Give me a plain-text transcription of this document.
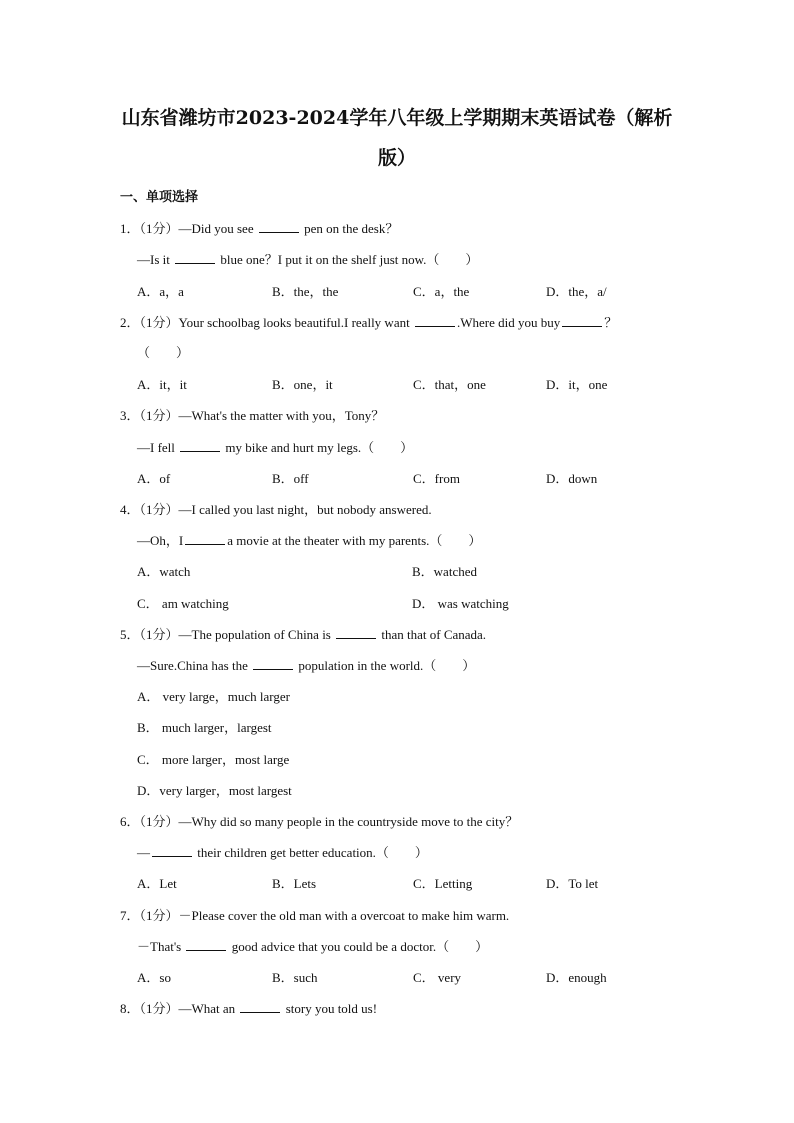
山东省潍坊市2023-2024学年八年级上学期期末英语试卷（解析
版）
一、单项选择
1．（1分）—Did you see	pen on the desk？
—Is it	blue one？I put it on the shelf just now.（　　）
A．a，a	B．the，the	C．a，the	D．the，a/
2．（1分）Your schoolbag looks beautiful.I really want	.Where did you buy	？
（　　）
A．it，it	B．one，it	C．that，one	D．it，one
3．（1分）—What's the matter with you，Tony？
—I fell	my bike and hurt my legs.（　　）
A．of	B．off	C．from	D．down
4．（1分）—I called you last night，but nobody answered.
—Oh，I	a movie at the theater with my parents.（　　）
A．watch	B．watched
C． am watching	D． was watching
5．（1分）—The population of China is	than that of Canada.
—Sure.China has the	population in the world.（　　）
A． very large，much larger
B． much larger，largest
C． more larger，most large
D．very larger，most largest
6．（1分）—Why did so many people in the countryside move to the city？
—	their children get better education.（　　）
A．Let	B．Lets	C．Letting	D．To let
7．（1分）－Please cover the old man with a overcoat to make him warm.
－That's	good advice that you could be a doctor.（　　）
A．so	B．such	C． very	D．enough
8．（1分）—What an	story you told us!
